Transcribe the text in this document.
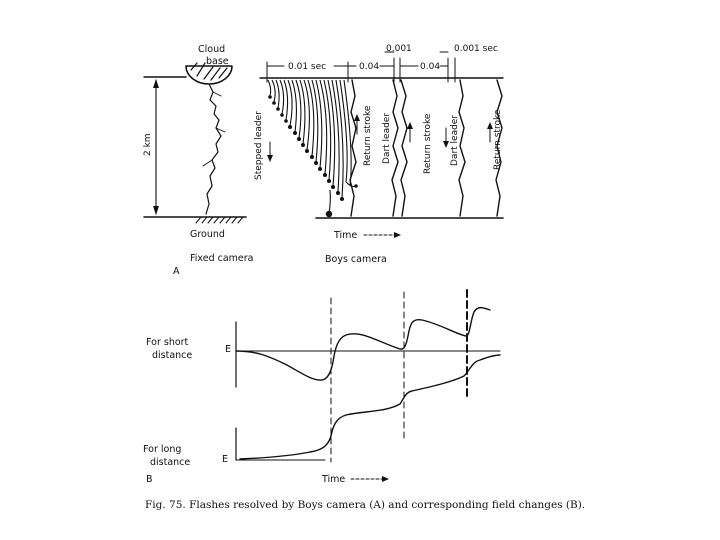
Cloud
base
2 km
Ground
Fixed camera	Boys camera
A
Time
0.01 sec	0.04
0.001
0.04
0.001 sec
Stepped leader	Return stroke Dart leader	Return stroke Dart leader	Return stroke
For short
distance
E
For long
distance	E
B	Time
Fig. 75. Flashes resolved by Boys camera (A) and corresponding field changes (B).
